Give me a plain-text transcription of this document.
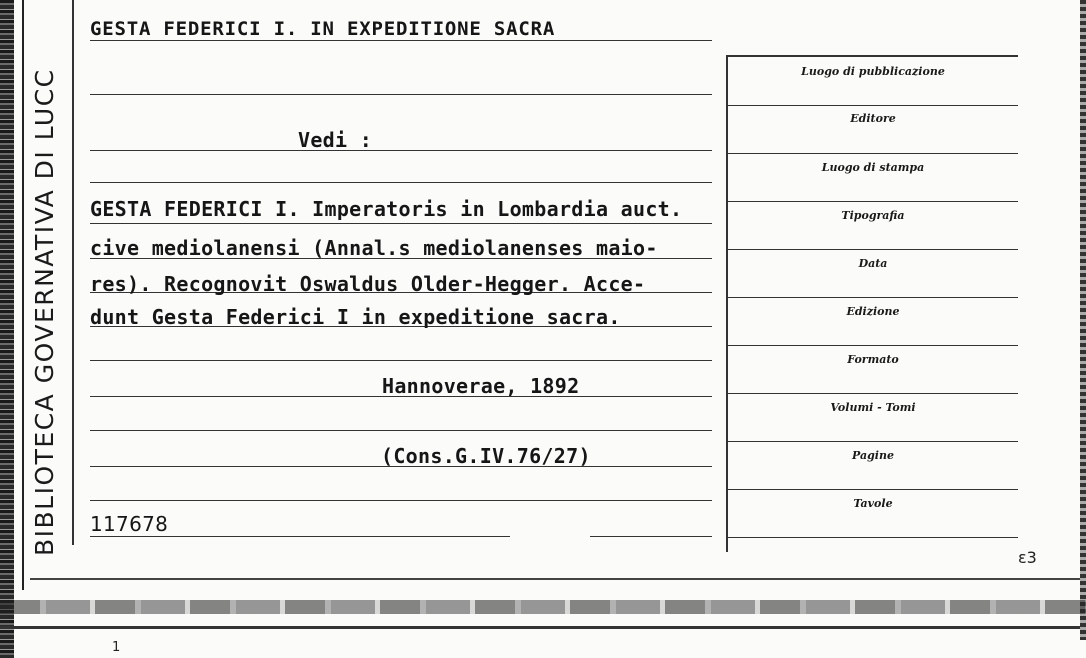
BIBLIOTECA GOVERNATIVA DI LUCC
GESTA FEDERICI I. IN EXPEDITIONE SACRA
Vedi :
GESTA FEDERICI I. Imperatoris in Lombardia auct.
cive mediolanensi (Annal.s mediolanenses maio-
res). Recognovit Oswaldus Older-Hegger. Acce-
dunt Gesta Federici I in expeditione sacra.
Hannoverae, 1892
(Cons.G.IV.76/27)
117678
Luogo di pubblicazione
Editore
Luogo di stampa
Tipografia
Data
Edizione
Formato
Volumi - Tomi
Pagine
Tavole
ε3
1
